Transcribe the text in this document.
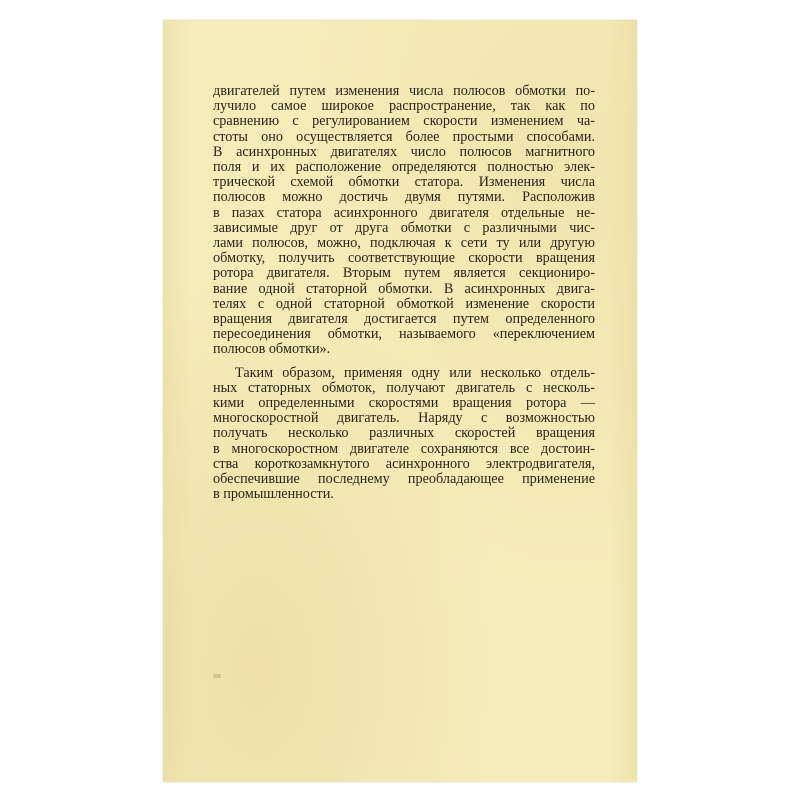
двигателей путем изменения числа полюсов обмотки по-
лучило самое широкое распространение, так как по
сравнению с регулированием скорости изменением ча-
стоты оно осуществляется более простыми способами.
В асинхронных двигателях число полюсов магнитного
поля и их расположение определяются полностью элек-
трической схемой обмотки статора. Изменения числа
полюсов можно достичь двумя путями. Расположив
в пазах статора асинхронного двигателя отдельные не-
зависимые друг от друга обмотки с различными чис-
лами полюсов, можно, подключая к сети ту или другую
обмотку, получить соответствующие скорости вращения
ротора двигателя. Вторым путем является секциониро-
вание одной статорной обмотки. В асинхронных двига-
телях с одной статорной обмоткой изменение скорости
вращения двигателя достигается путем определенного
пересоединения обмотки, называемого «переключением
полюсов обмотки».

Таким образом, применяя одну или несколько отдель-
ных статорных обмоток, получают двигатель с несколь-
кими определенными скоростями вращения ротора —
многоскоростной двигатель. Наряду с возможностью
получать несколько различных скоростей вращения
в многоскоростном двигателе сохраняются все достоин-
ства короткозамкнутого асинхронного электродвигателя,
обеспечившие последнему преобладающее применение
в промышленности.
